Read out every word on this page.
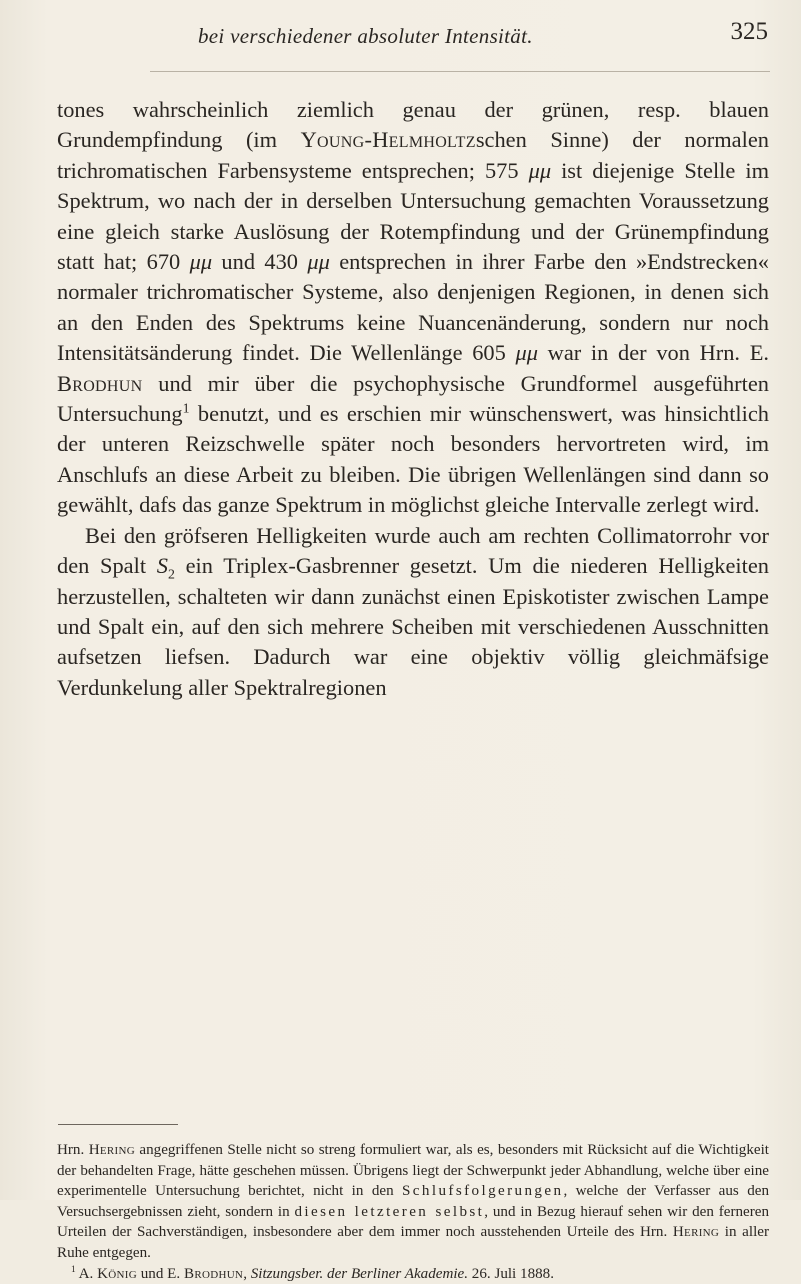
bei verschiedener absoluter Intensität.	325

tones wahrscheinlich ziemlich genau der grünen, resp. blauen Grundempfindung (im Young-Helmholtzschen Sinne) der normalen trichromatischen Farbensysteme entsprechen; 575 μμ ist diejenige Stelle im Spektrum, wo nach der in derselben Untersuchung gemachten Voraussetzung eine gleich starke Auslösung der Rotempfindung und der Grünempfindung statt hat; 670 μμ und 430 μμ entsprechen in ihrer Farbe den »Endstrecken« normaler trichromatischer Systeme, also denjenigen Regionen, in denen sich an den Enden des Spektrums keine Nuancenänderung, sondern nur noch Intensitätsänderung findet. Die Wellenlänge 605 μμ war in der von Hrn. E. Brodhun und mir über die psychophysische Grundformel ausgeführten Untersuchung$^1$ benutzt, und es erschien mir wünschenswert, was hinsichtlich der unteren Reizschwelle später noch besonders hervortreten wird, im Anschlufs an diese Arbeit zu bleiben. Die übrigen Wellenlängen sind dann so gewählt, dafs das ganze Spektrum in möglichst gleiche Intervalle zerlegt wird.

Bei den gröfseren Helligkeiten wurde auch am rechten Collimatorrohr vor den Spalt $S_2$ ein Triplex-Gasbrenner gesetzt. Um die niederen Helligkeiten herzustellen, schalteten wir dann zunächst einen Episkotister zwischen Lampe und Spalt ein, auf den sich mehrere Scheiben mit verschiedenen Ausschnitten aufsetzen liefsen. Dadurch war eine objektiv völlig gleichmäfsige Verdunkelung aller Spektralregionen

Hrn. Hering angegriffenen Stelle nicht so streng formuliert war, als es, besonders mit Rücksicht auf die Wichtigkeit der behandelten Frage, hätte geschehen müssen. Übrigens liegt der Schwerpunkt jeder Abhandlung, welche über eine experimentelle Untersuchung berichtet, nicht in den Schlufsfolgerungen, welche der Verfasser aus den Versuchsergebnissen zieht, sondern in diesen letzteren selbst, und in Bezug hierauf sehen wir den ferneren Urteilen der Sachverständigen, insbesondere aber dem immer noch ausstehenden Urteile des Hrn. Hering in aller Ruhe entgegen.

$^1$ A. König und E. Brodhun, Sitzungsber. der Berliner Akademie. 26. Juli 1888.
